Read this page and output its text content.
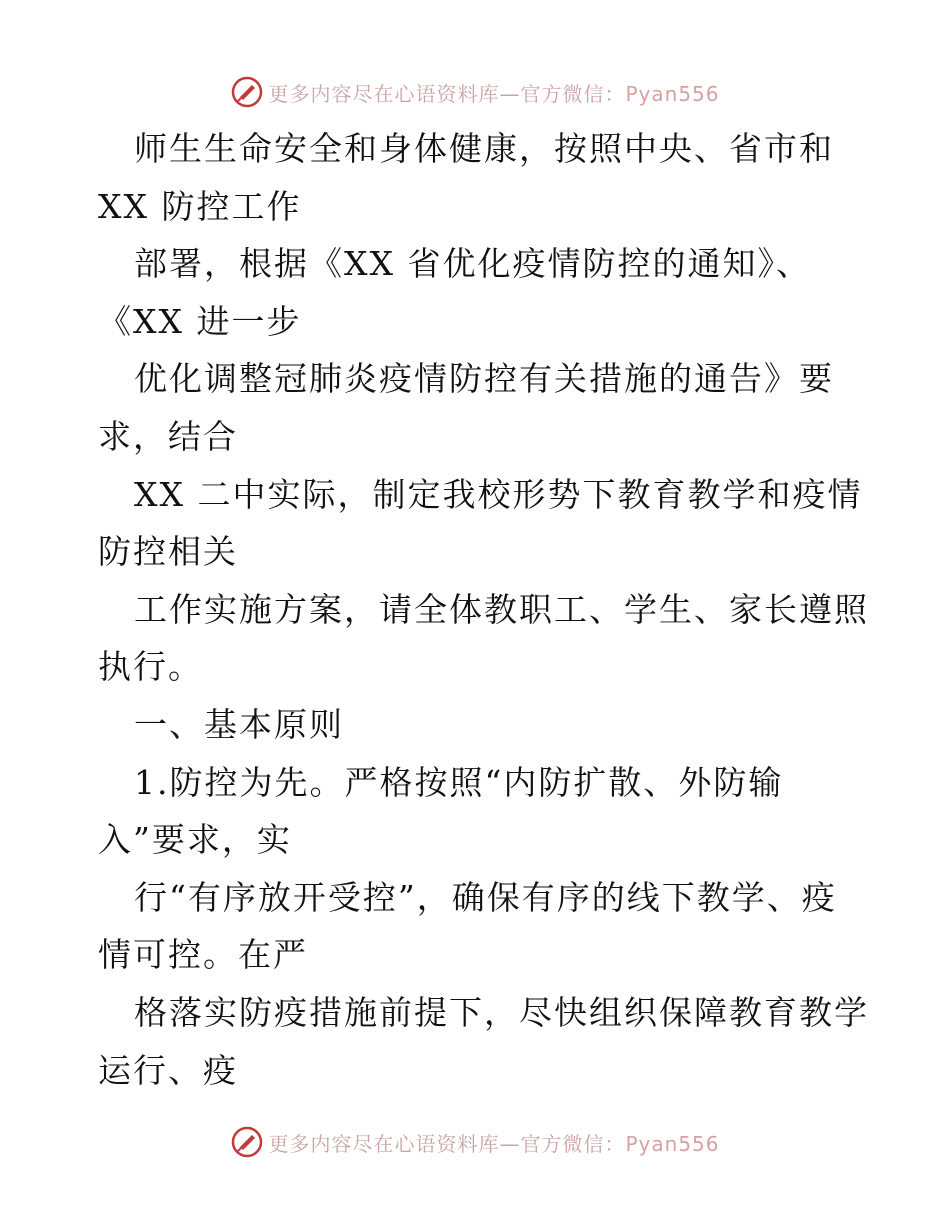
更多内容尽在心语资料库—官方微信：Pyan556
师生生命安全和身体健康，按照中央、省市和
XX 防控工作
部署，根据《XX 省优化疫情防控的通知》、
《XX 进一步
优化调整冠肺炎疫情防控有关措施的通告》要
求，结合
XX 二中实际，制定我校形势下教育教学和疫情
防控相关
工作实施方案，请全体教职工、学生、家长遵照
执行。
一、基本原则
1.防控为先。严格按照“内防扩散、外防输
入”要求，实
行“有序放开受控”，确保有序的线下教学、疫
情可控。在严
格落实防疫措施前提下，尽快组织保障教育教学
运行、疫
更多内容尽在心语资料库—官方微信：Pyan556
